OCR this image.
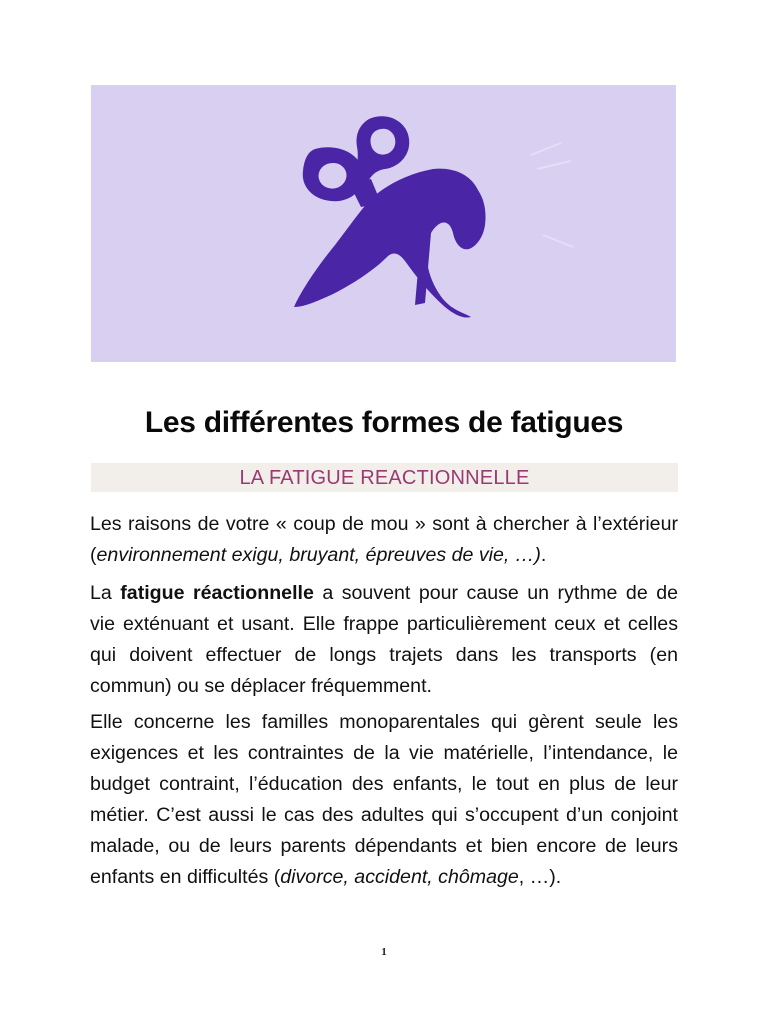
Les différentes formes de fatigues
LA FATIGUE REACTIONNELLE

Les raisons de votre « coup de mou » sont à chercher à l’extérieur (environnement exigu, bruyant, épreuves de vie, …).

La fatigue réactionnelle a souvent pour cause un rythme de de vie exténuant et usant. Elle frappe particulièrement ceux et celles qui doivent effectuer de longs trajets dans les transports (en commun) ou se déplacer fréquemment.

Elle concerne les familles monoparentales qui gèrent seule les exigences et les contraintes de la vie matérielle, l’intendance, le budget contraint, l’éducation des enfants, le tout en plus de leur métier. C’est aussi le cas des adultes qui s’occupent d’un conjoint malade, ou de leurs parents dépendants et bien encore de leurs enfants en difficultés (divorce, accident, chômage, …).

1
